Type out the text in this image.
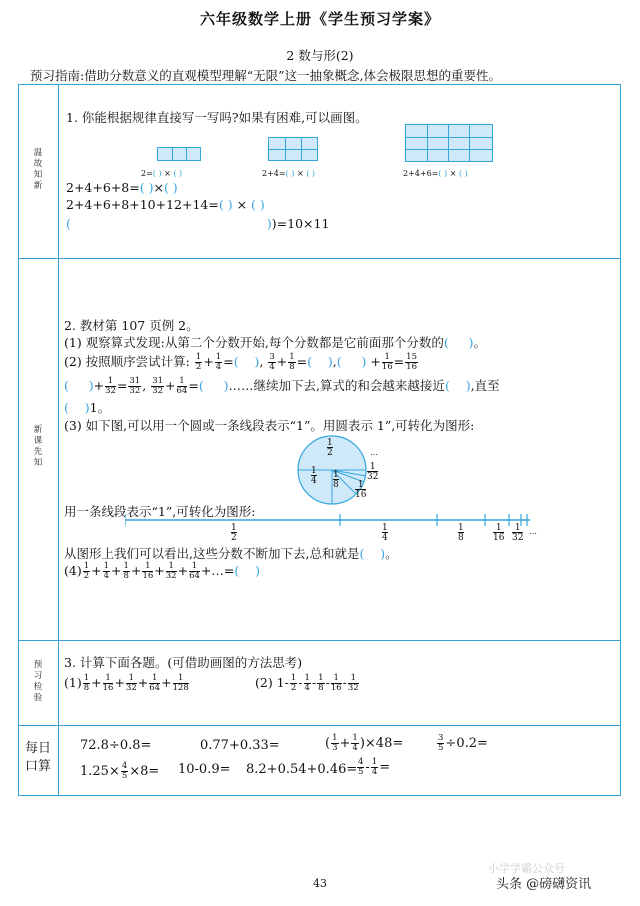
六年级数学上册《学生预习学案》
2 数与形(2)
预习指南:借助分数意义的直观模型理解“无限”这一抽象概念,体会极限思想的重要性。
温
故
知
新
新
课
先
知
预
习
检
验
每日
口算
1. 你能根据规律直接写一写吗?如果有困难,可以画图。
2=( ) × ( )	2+4=( ) × ( )	2+4+6=( ) × ( )
2+4+6+8=( )×( )
2+4+6+8+10+12+14=( ) × ( )
(	))=10×11
2. 教材第 107 页例 2。
(1) 观察算式发现:从第二个分数开始,每个分数都是它前面那个分数的(     )。
(2) 按照顺序尝试计算: $\frac{1}{2} + \frac{1}{4}$ =(    ), $\frac{3}{4} + \frac{1}{8}$ =(    ),(     ) + $\frac{1}{16} = \frac{15}{16}$
(     )+ $\frac{1}{32} = \frac{31}{32}$ , $\frac{31}{32} + \frac{1}{64}$ =(     )……继续加下去,算式的和会越来越接近(    ),直至
(    )1。
(3) 如下图,可以用一个圆或一条线段表示“1”。用圆表示 1”,可转化为图形:
1
2
1
4
1
8
1
32
1
16
…
用一条线段表示“1”,可转化为图形:
1
2
1
4
1
8
1
16
1
32
…
从图形上我们可以看出,这些分数不断加下去,总和就是(    )。
$(4) \frac{1}{2} + \frac{1}{4} + \frac{1}{8} + \frac{1}{16} + \frac{1}{32} + \frac{1}{64}$ +…=(    )
3. 计算下面各题。(可借助画图的方法思考)
$(1) \frac{1}{8} + \frac{1}{16} + \frac{1}{32} + \frac{1}{64} + \frac{1}{128}$	(2) $1- \frac{1}{2} - \frac{1}{4} - \frac{1}{8} - \frac{1}{16} - \frac{1}{32}$
72.8÷0.8=	0.77+0.33=	( $\frac{1}{3} + \frac{1}{4} )\times 48=$	$\frac{3}{5} \div 0.2=$
$1.25\times \frac{4}{5} \times 8= 10-0.9= 8.2+0.54+0.46= \frac{4}{5} - \frac{1}{4}$ =
43
小学学霸公众号
头条 @磅礴资讯
